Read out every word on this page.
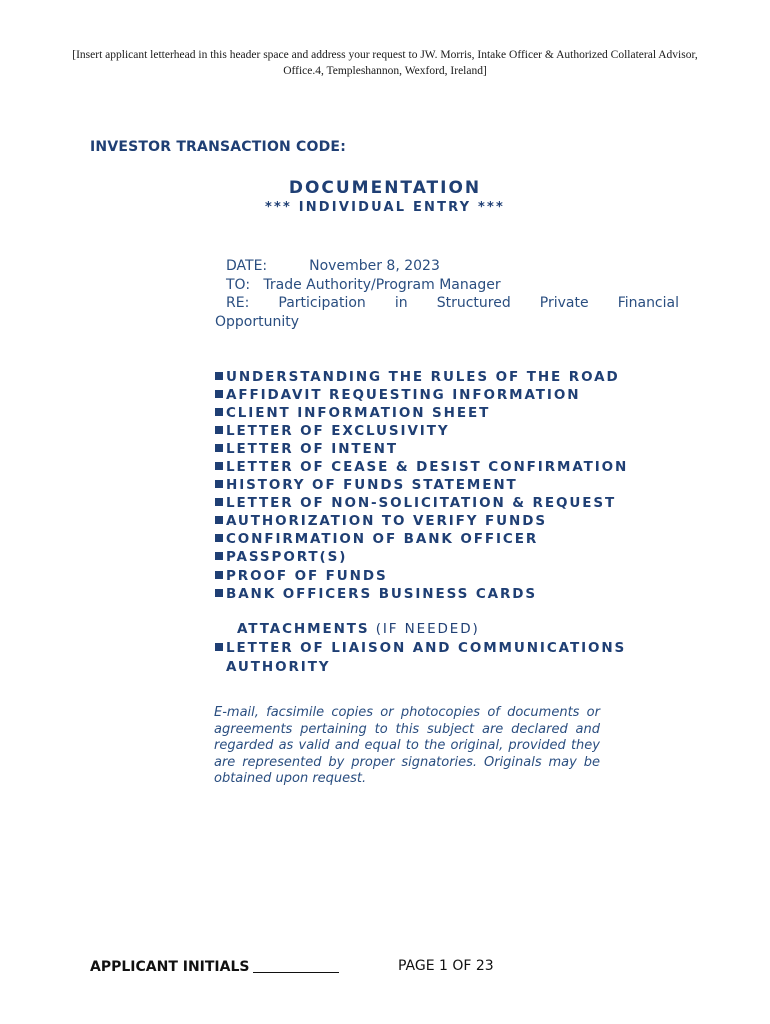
[Insert applicant letterhead in this header space and address your request to JW. Morris, Intake Officer & Authorized Collateral Advisor, Office.4, Templeshannon, Wexford, Ireland]
INVESTOR TRANSACTION CODE:
DOCUMENTATION
*** INDIVIDUAL ENTRY ***
DATE:	November 8, 2023
TO: Trade Authority/Program Manager
RE: Participation in Structured Private Financial
Opportunity
UNDERSTANDING THE RULES OF THE ROAD
AFFIDAVIT REQUESTING INFORMATION
CLIENT INFORMATION SHEET
LETTER OF EXCLUSIVITY
LETTER OF INTENT
LETTER OF CEASE & DESIST CONFIRMATION
HISTORY OF FUNDS STATEMENT
LETTER OF NON-SOLICITATION & REQUEST
AUTHORIZATION TO VERIFY FUNDS
CONFIRMATION OF BANK OFFICER
PASSPORT(S)
PROOF OF FUNDS
BANK OFFICERS BUSINESS CARDS
ATTACHMENTS (IF NEEDED)
LETTER OF LIAISON AND COMMUNICATIONS
AUTHORITY
E-mail, facsimile copies or photocopies of documents or agreements pertaining to this subject are declared and regarded as valid and equal to the original, provided they are represented by proper signatories. Originals may be obtained upon request.
APPLICANT INITIALS	PAGE 1 OF 23
